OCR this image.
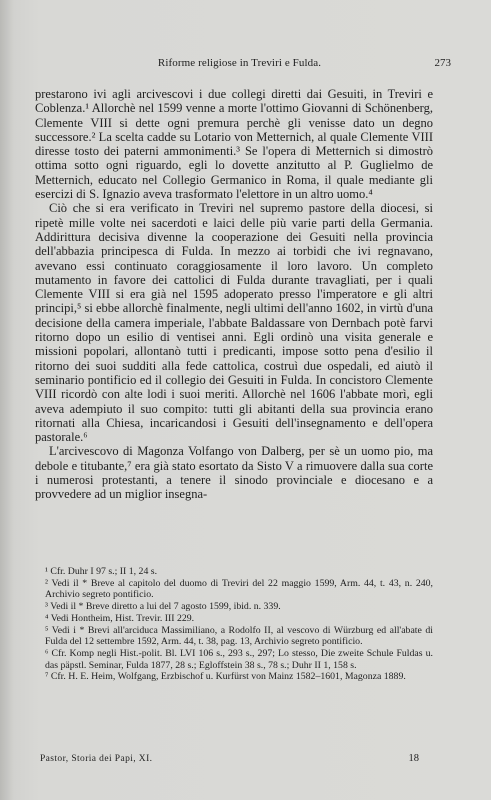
Riforme religiose in Treviri e Fulda.	273

prestarono ivi agli arcivescovi i due collegi diretti dai Gesuiti, in Treviri e Coblenza.¹ Allorchè nel 1599 venne a morte l'ottimo Giovanni di Schönenberg, Clemente VIII si dette ogni premura perchè gli venisse dato un degno successore.² La scelta cadde su Lotario von Metternich, al quale Clemente VIII diresse tosto dei paterni ammonimenti.³ Se l'opera di Metternich si dimostrò ottima sotto ogni riguardo, egli lo dovette anzitutto al P. Guglielmo de Metternich, educato nel Collegio Germanico in Roma, il quale mediante gli esercizi di S. Ignazio aveva trasformato l'elettore in un altro uomo.⁴

Ciò che si era verificato in Treviri nel supremo pastore della diocesi, si ripetè mille volte nei sacerdoti e laici delle più varie parti della Germania. Addirittura decisiva divenne la cooperazione dei Gesuiti nella provincia dell'abbazia principesca di Fulda. In mezzo ai torbidi che ivi regnavano, avevano essi continuato coraggiosamente il loro lavoro. Un completo mutamento in favore dei cattolici di Fulda durante travagliati, per i quali Clemente VIII si era già nel 1595 adoperato presso l'imperatore e gli altri principi,⁵ si ebbe allorchè finalmente, negli ultimi dell'anno 1602, in virtù d'una decisione della camera imperiale, l'abbate Baldassare von Dernbach potè farvi ritorno dopo un esilio di ventisei anni. Egli ordinò una visita generale e missioni popolari, allontanò tutti i predicanti, impose sotto pena d'esilio il ritorno dei suoi sudditi alla fede cattolica, costruì due ospedali, ed aiutò il seminario pontificio ed il collegio dei Gesuiti in Fulda. In concistoro Clemente VIII ricordò con alte lodi i suoi meriti. Allorchè nel 1606 l'abbate morì, egli aveva adempiuto il suo compito: tutti gli abitanti della sua provincia erano ritornati alla Chiesa, incaricandosi i Gesuiti dell'insegnamento e dell'opera pastorale.⁶

L'arcivescovo di Magonza Volfango von Dalberg, per sè un uomo pio, ma debole e titubante,⁷ era già stato esortato da Sisto V a rimuovere dalla sua corte i numerosi protestanti, a tenere il sinodo provinciale e diocesano e a provvedere ad un miglior insegna-

¹ Cfr. Duhr I 97 s.; II 1, 24 s.
² Vedi il * Breve al capitolo del duomo di Treviri del 22 maggio 1599, Arm. 44, t. 43, n. 240, Archivio segreto pontificio.
³ Vedi il * Breve diretto a lui del 7 agosto 1599, ibid. n. 339.
⁴ Vedi Hontheim, Hist. Trevir. III 229.
⁵ Vedi i * Brevi all'arciduca Massimiliano, a Rodolfo II, al vescovo di Würzburg ed all'abate di Fulda del 12 settembre 1592, Arm. 44, t. 38, pag. 13, Archivio segreto pontificio.
⁶ Cfr. Komp negli Hist.-polit. Bl. LVI 106 s., 293 s., 297; Lo stesso, Die zweite Schule Fuldas u. das päpstl. Seminar, Fulda 1877, 28 s.; Egloffstein 38 s., 78 s.; Duhr II 1, 158 s.
⁷ Cfr. H. E. Heim, Wolfgang, Erzbischof u. Kurfürst von Mainz 1582–1601, Magonza 1889.
Pastor, Storia dei Papi, XI.	18
